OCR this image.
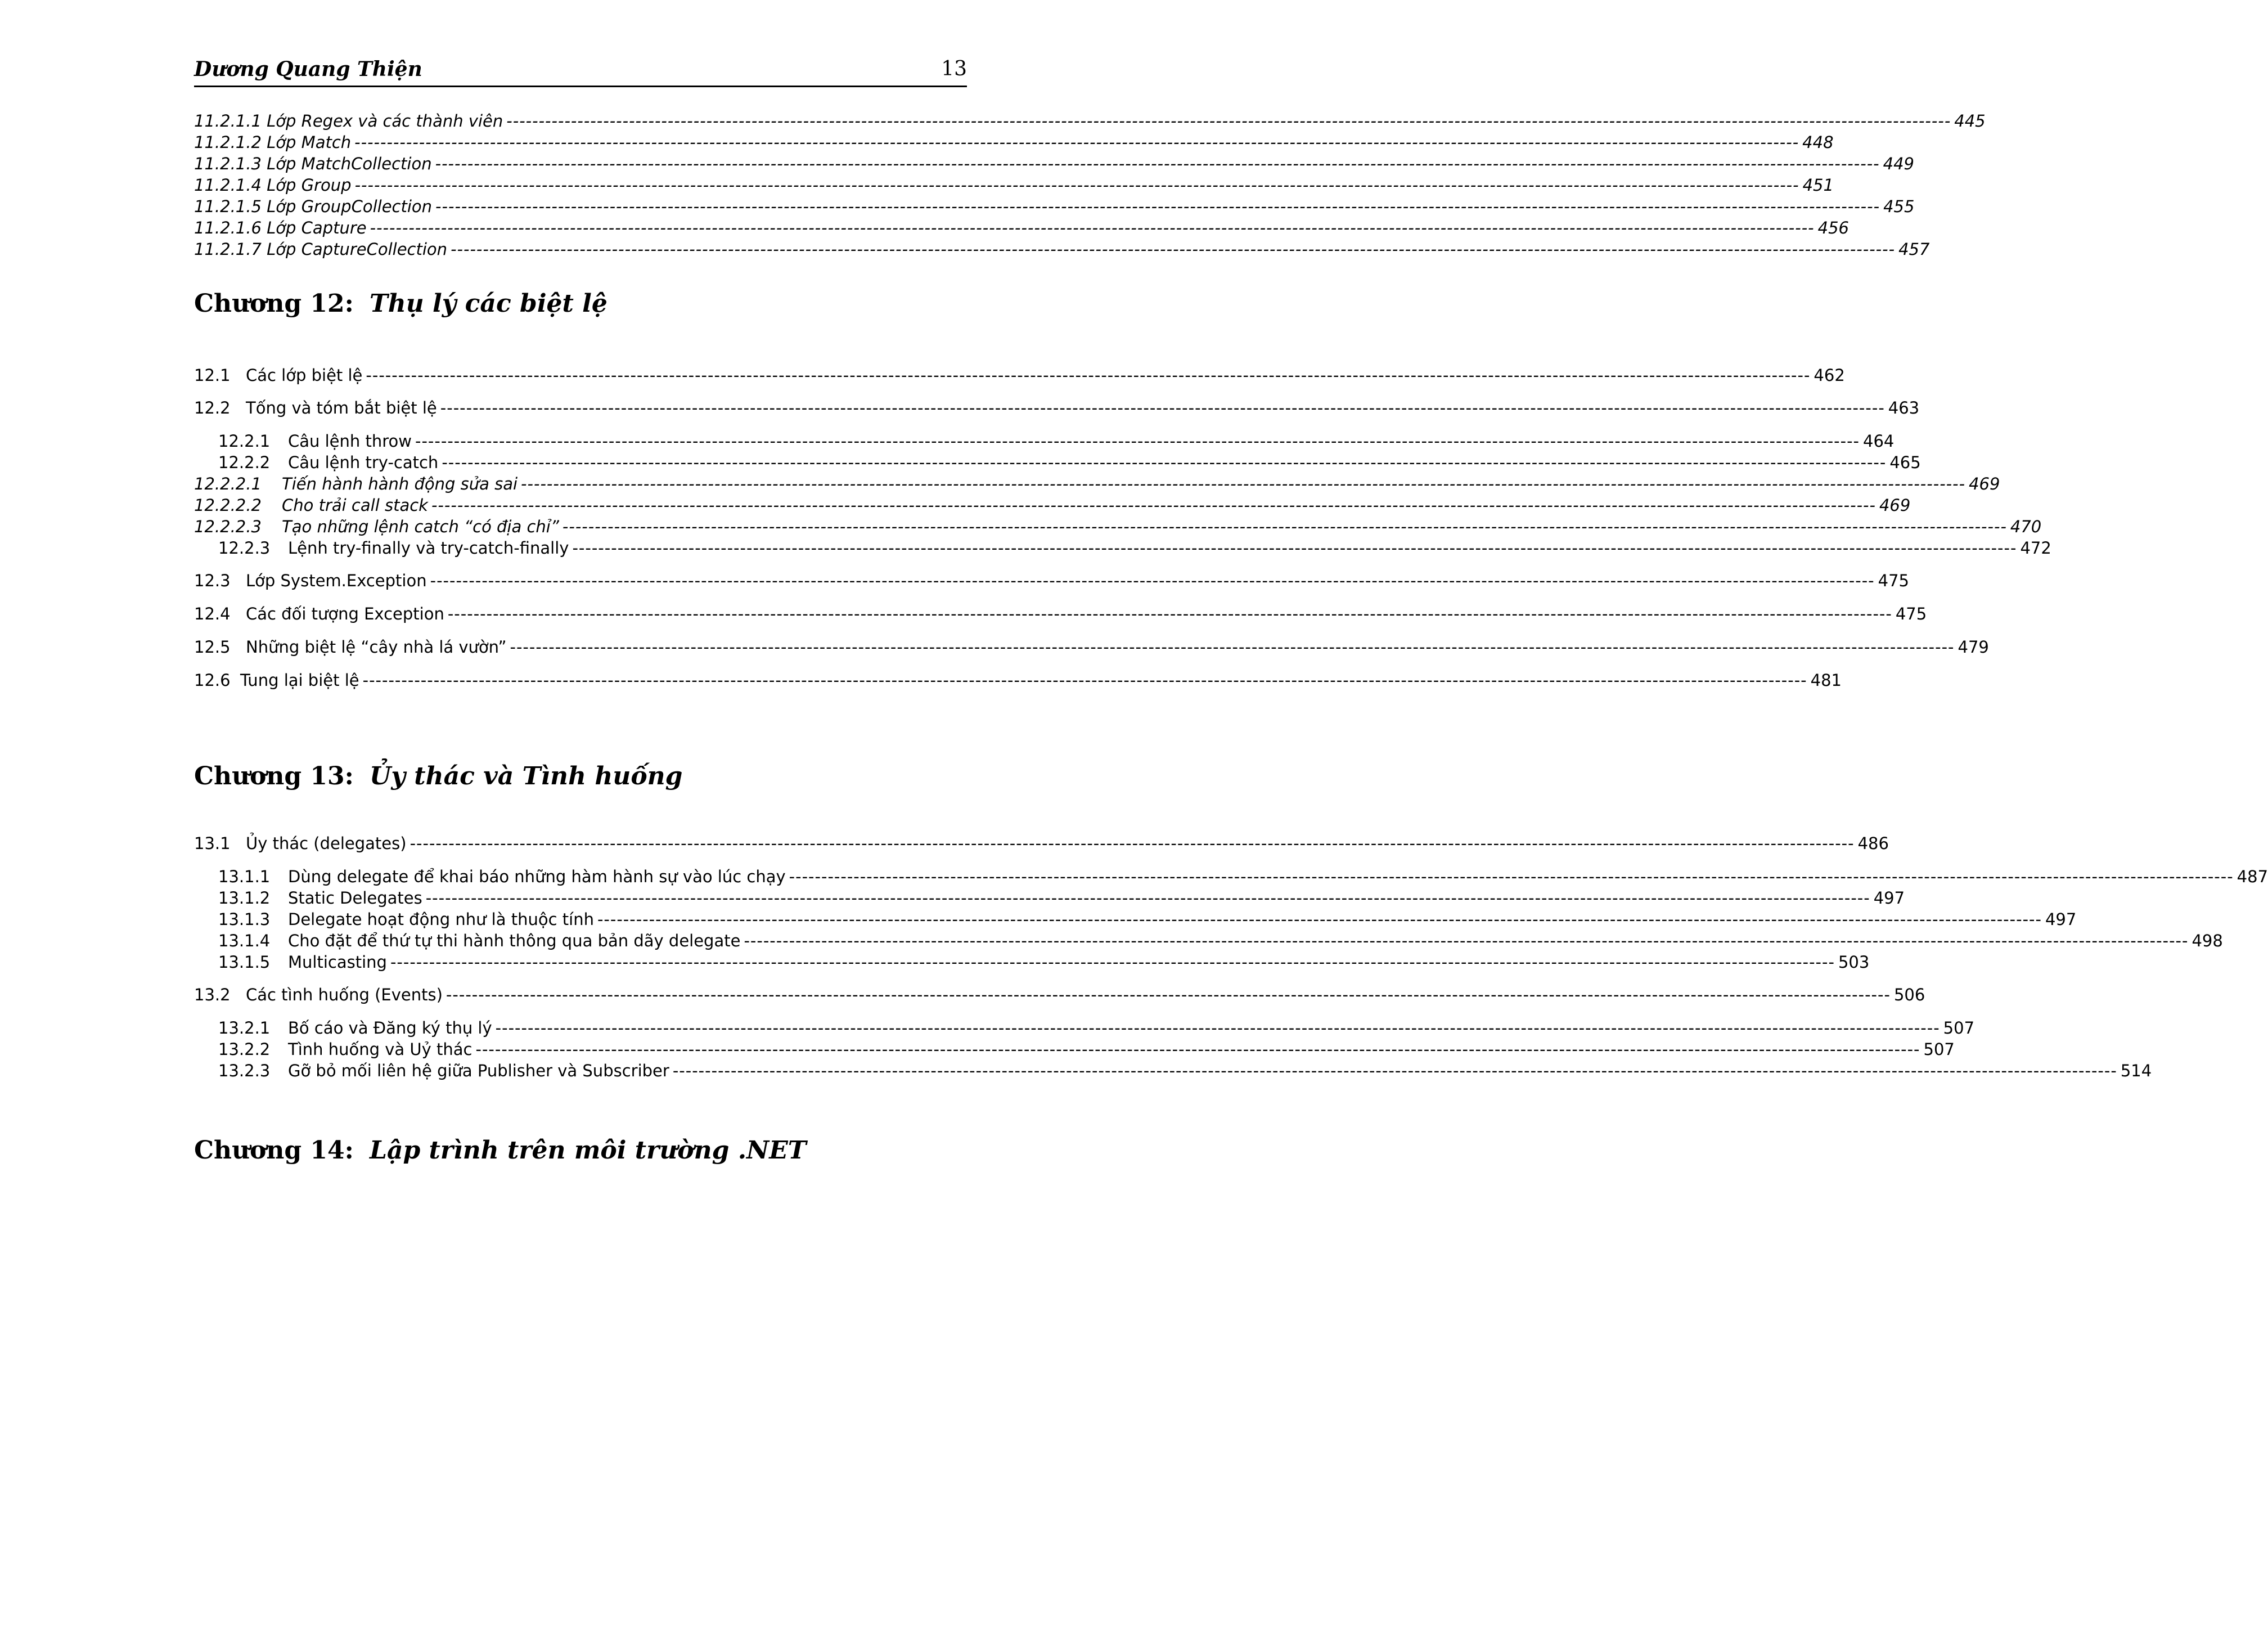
Dương Quang Thiện	13
11.2.1.1 Lớp Regex và các thành viên -------------------------------------------------------------------------------------------------------------------------------------------------------------------------------------------------------------------------------- 445
11.2.1.2 Lớp Match -------------------------------------------------------------------------------------------------------------------------------------------------------------------------------------------------------------------------------- 448
11.2.1.3 Lớp MatchCollection -------------------------------------------------------------------------------------------------------------------------------------------------------------------------------------------------------------------------------- 449
11.2.1.4 Lớp Group -------------------------------------------------------------------------------------------------------------------------------------------------------------------------------------------------------------------------------- 451
11.2.1.5 Lớp GroupCollection -------------------------------------------------------------------------------------------------------------------------------------------------------------------------------------------------------------------------------- 455
11.2.1.6 Lớp Capture -------------------------------------------------------------------------------------------------------------------------------------------------------------------------------------------------------------------------------- 456
11.2.1.7 Lớp CaptureCollection -------------------------------------------------------------------------------------------------------------------------------------------------------------------------------------------------------------------------------- 457
Chương 12: Thụ lý các biệt lệ
12.1 Các lớp biệt lệ -------------------------------------------------------------------------------------------------------------------------------------------------------------------------------------------------------------------------------- 462
12.2 Tống và tóm bắt biệt lệ -------------------------------------------------------------------------------------------------------------------------------------------------------------------------------------------------------------------------------- 463
12.2.1	Câu lệnh throw -------------------------------------------------------------------------------------------------------------------------------------------------------------------------------------------------------------------------------- 464
12.2.2	Câu lệnh try-catch -------------------------------------------------------------------------------------------------------------------------------------------------------------------------------------------------------------------------------- 465
12.2.2.1	Tiến hành hành động sửa sai -------------------------------------------------------------------------------------------------------------------------------------------------------------------------------------------------------------------------------- 469
12.2.2.2	Cho trải call stack -------------------------------------------------------------------------------------------------------------------------------------------------------------------------------------------------------------------------------- 469
12.2.2.3	Tạo những lệnh catch “có địa chỉ” -------------------------------------------------------------------------------------------------------------------------------------------------------------------------------------------------------------------------------- 470
12.2.3	Lệnh try-finally và try-catch-finally -------------------------------------------------------------------------------------------------------------------------------------------------------------------------------------------------------------------------------- 472
12.3 Lớp System.Exception -------------------------------------------------------------------------------------------------------------------------------------------------------------------------------------------------------------------------------- 475
12.4 Các đối tượng Exception -------------------------------------------------------------------------------------------------------------------------------------------------------------------------------------------------------------------------------- 475
12.5 Những biệt lệ “cây nhà lá vườn” -------------------------------------------------------------------------------------------------------------------------------------------------------------------------------------------------------------------------------- 479
12.6 Tung lại biệt lệ -------------------------------------------------------------------------------------------------------------------------------------------------------------------------------------------------------------------------------- 481
Chương 13: Ủy thác và Tình huống
13.1 Ủy thác (delegates) -------------------------------------------------------------------------------------------------------------------------------------------------------------------------------------------------------------------------------- 486
13.1.1	Dùng delegate để khai báo những hàm hành sự vào lúc chạy -------------------------------------------------------------------------------------------------------------------------------------------------------------------------------------------------------------------------------- 487
13.1.2	Static Delegates -------------------------------------------------------------------------------------------------------------------------------------------------------------------------------------------------------------------------------- 497
13.1.3	Delegate hoạt động như là thuộc tính -------------------------------------------------------------------------------------------------------------------------------------------------------------------------------------------------------------------------------- 497
13.1.4	Cho đặt để thứ tự thi hành thông qua bản dãy delegate -------------------------------------------------------------------------------------------------------------------------------------------------------------------------------------------------------------------------------- 498
13.1.5	Multicasting -------------------------------------------------------------------------------------------------------------------------------------------------------------------------------------------------------------------------------- 503
13.2 Các tình huống (Events) -------------------------------------------------------------------------------------------------------------------------------------------------------------------------------------------------------------------------------- 506
13.2.1	Bố cáo và Đăng ký thụ lý -------------------------------------------------------------------------------------------------------------------------------------------------------------------------------------------------------------------------------- 507
13.2.2	Tình huống và Uỷ thác -------------------------------------------------------------------------------------------------------------------------------------------------------------------------------------------------------------------------------- 507
13.2.3	Gỡ bỏ mối liên hệ giữa Publisher và Subscriber -------------------------------------------------------------------------------------------------------------------------------------------------------------------------------------------------------------------------------- 514
Chương 14: Lập trình trên môi trường .NET
